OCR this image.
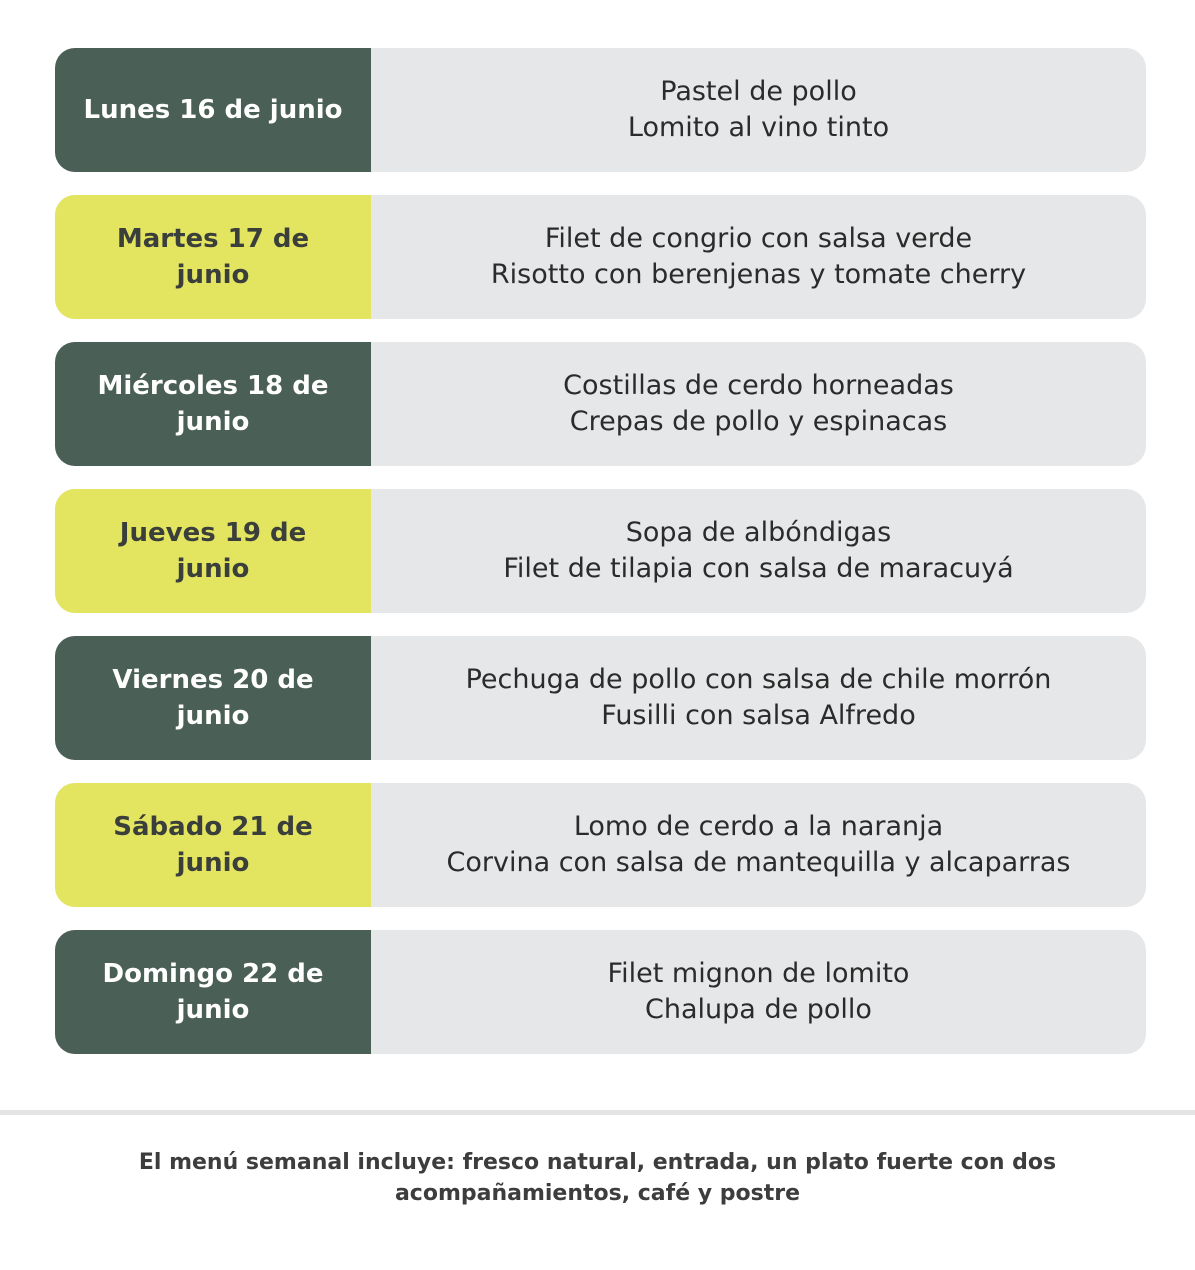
Lunes 16 de junio
Pastel de pollo
Lomito al vino tinto
Martes 17 de junio
Filet de congrio con salsa verde
Risotto con berenjenas y tomate cherry
Miércoles 18 de junio
Costillas de cerdo horneadas
Crepas de pollo y espinacas
Jueves 19 de junio
Sopa de albóndigas
Filet de tilapia con salsa de maracuyá
Viernes 20 de junio
Pechuga de pollo con salsa de chile morrón
Fusilli con salsa Alfredo
Sábado 21 de junio
Lomo de cerdo a la naranja
Corvina con salsa de mantequilla y alcaparras
Domingo 22 de junio
Filet mignon de lomito
Chalupa de pollo
El menú semanal incluye: fresco natural, entrada, un plato fuerte con dos acompañamientos, café y postre
